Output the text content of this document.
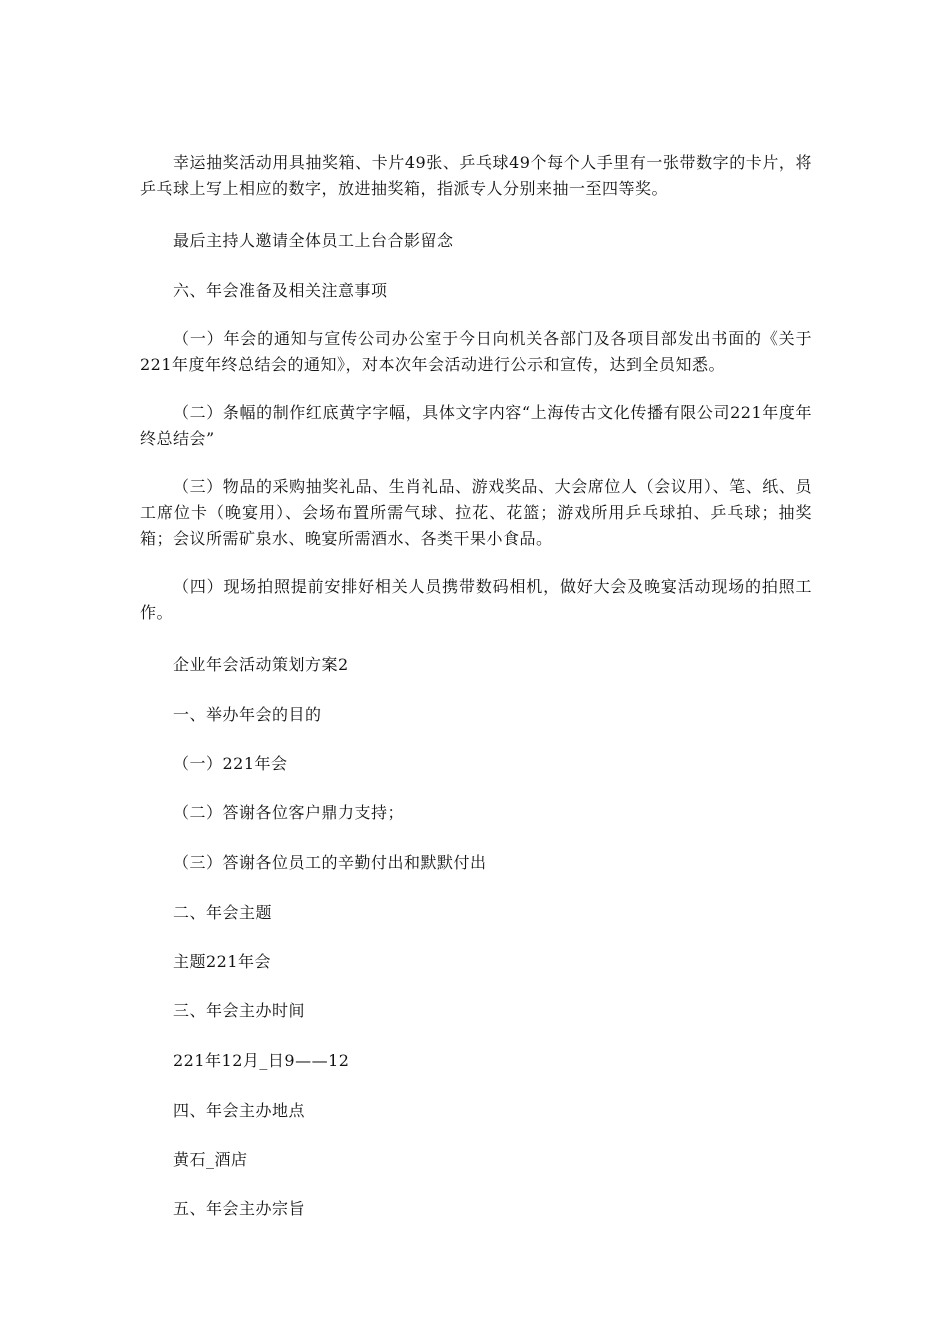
幸运抽奖活动用具抽奖箱、卡片49张、乒乓球49个每个人手里有一张带数字的卡片，将乒乓球上写上相应的数字，放进抽奖箱，指派专人分别来抽一至四等奖。

最后主持人邀请全体员工上台合影留念

六、年会准备及相关注意事项

（一）年会的通知与宣传公司办公室于今日向机关各部门及各项目部发出书面的《关于221年度年终总结会的通知》，对本次年会活动进行公示和宣传，达到全员知悉。

（二）条幅的制作红底黄字字幅，具体文字内容“上海传古文化传播有限公司221年度年终总结会”

（三）物品的采购抽奖礼品、生肖礼品、游戏奖品、大会席位人（会议用）、笔、纸、员工席位卡（晚宴用）、会场布置所需气球、拉花、花篮；游戏所用乒乓球拍、乒乓球；抽奖箱；会议所需矿泉水、晚宴所需酒水、各类干果小食品。

（四）现场拍照提前安排好相关人员携带数码相机，做好大会及晚宴活动现场的拍照工作。

企业年会活动策划方案2

一、举办年会的目的

（一）221年会

（二）答谢各位客户鼎力支持；

（三）答谢各位员工的辛勤付出和默默付出

二、年会主题

主题221年会

三、年会主办时间

221年12月_日9——12

四、年会主办地点

黄石_酒店

五、年会主办宗旨
